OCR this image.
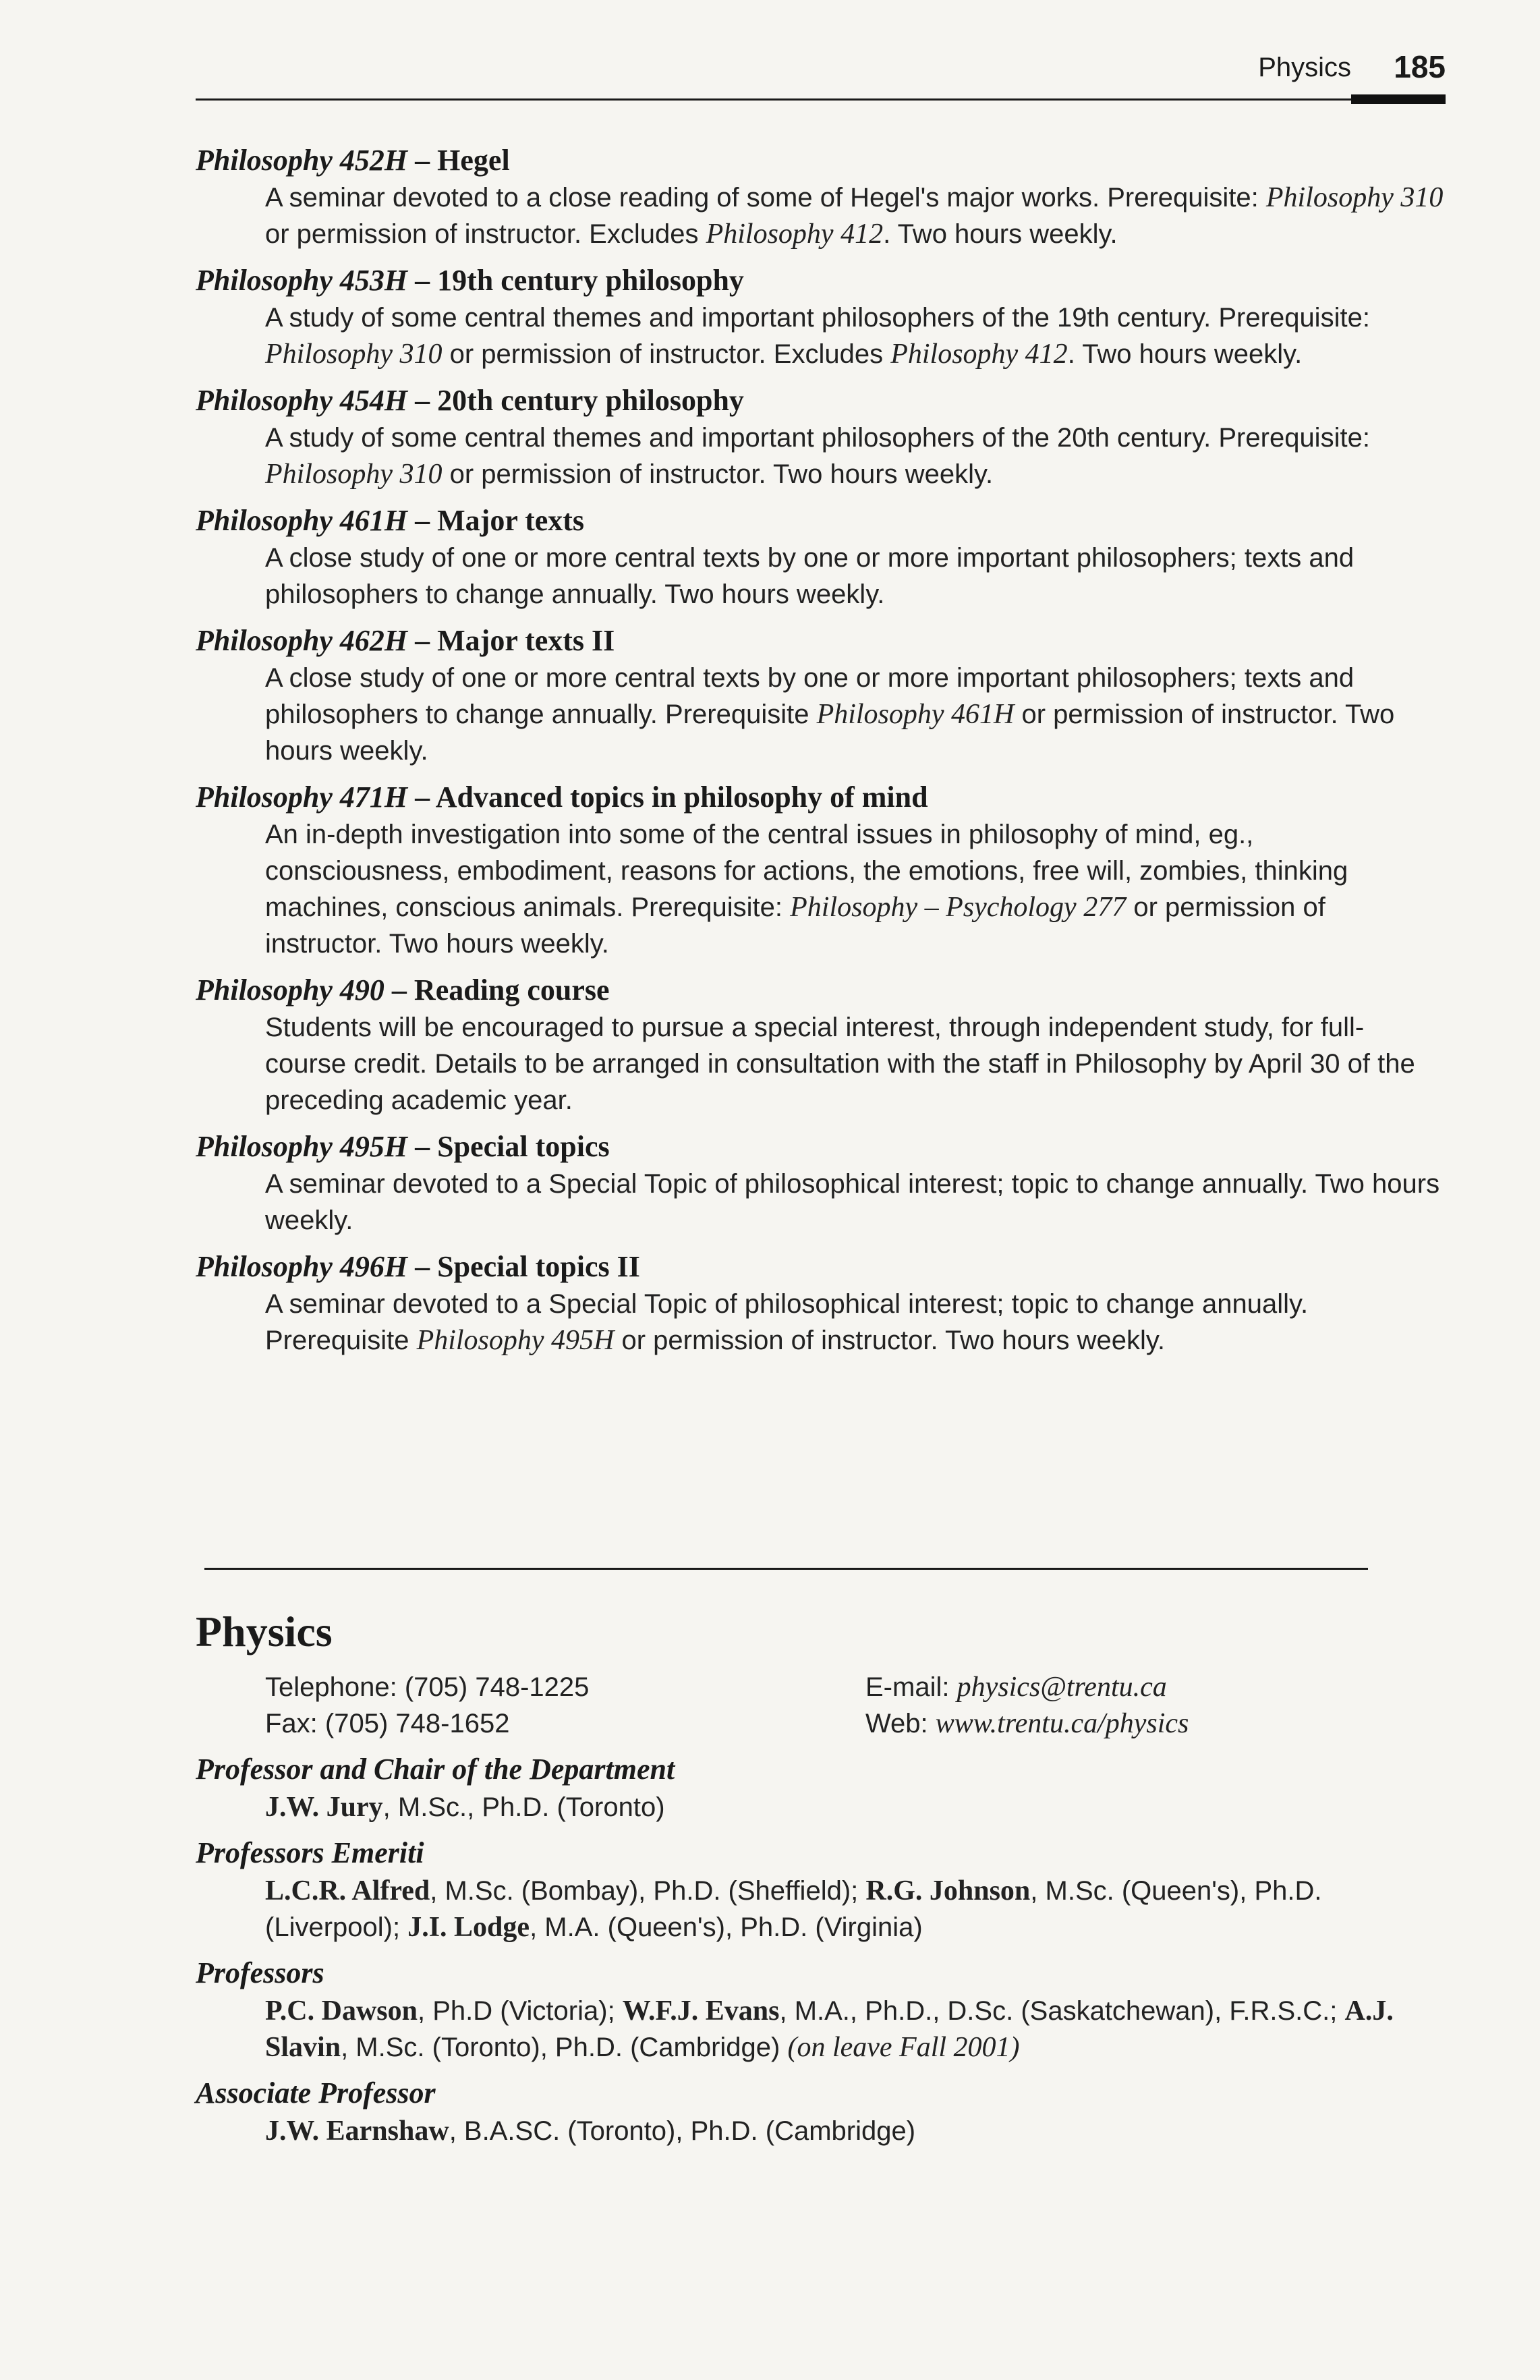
Physics 185
Philosophy 452H – Hegel
A seminar devoted to a close reading of some of Hegel's major works. Prerequisite: Philosophy 310 or permission of instructor. Excludes Philosophy 412. Two hours weekly.
Philosophy 453H – 19th century philosophy
A study of some central themes and important philosophers of the 19th century. Prerequisite: Philosophy 310 or permission of instructor. Excludes Philosophy 412. Two hours weekly.
Philosophy 454H – 20th century philosophy
A study of some central themes and important philosophers of the 20th century. Prerequisite: Philosophy 310 or permission of instructor. Two hours weekly.
Philosophy 461H – Major texts
A close study of one or more central texts by one or more important philosophers; texts and philosophers to change annually. Two hours weekly.
Philosophy 462H – Major texts II
A close study of one or more central texts by one or more important philosophers; texts and philosophers to change annually. Prerequisite Philosophy 461H or permission of instructor. Two hours weekly.
Philosophy 471H – Advanced topics in philosophy of mind
An in-depth investigation into some of the central issues in philosophy of mind, eg., consciousness, embodiment, reasons for actions, the emotions, free will, zombies, thinking machines, conscious animals. Prerequisite: Philosophy – Psychology 277 or permission of instructor. Two hours weekly.
Philosophy 490 – Reading course
Students will be encouraged to pursue a special interest, through independent study, for full-course credit. Details to be arranged in consultation with the staff in Philosophy by April 30 of the preceding academic year.
Philosophy 495H – Special topics
A seminar devoted to a Special Topic of philosophical interest; topic to change annually. Two hours weekly.
Philosophy 496H – Special topics II
A seminar devoted to a Special Topic of philosophical interest; topic to change annually. Prerequisite Philosophy 495H or permission of instructor. Two hours weekly.
Physics
Telephone: (705) 748-1225
Fax: (705) 748-1652
E-mail: physics@trentu.ca
Web: www.trentu.ca/physics
Professor and Chair of the Department
J.W. Jury, M.Sc., Ph.D. (Toronto)
Professors Emeriti
L.C.R. Alfred, M.Sc. (Bombay), Ph.D. (Sheffield); R.G. Johnson, M.Sc. (Queen's), Ph.D. (Liverpool); J.I. Lodge, M.A. (Queen's), Ph.D. (Virginia)
Professors
P.C. Dawson, Ph.D (Victoria); W.F.J. Evans, M.A., Ph.D., D.Sc. (Saskatchewan), F.R.S.C.; A.J. Slavin, M.Sc. (Toronto), Ph.D. (Cambridge) (on leave Fall 2001)
Associate Professor
J.W. Earnshaw, B.A.SC. (Toronto), Ph.D. (Cambridge)
